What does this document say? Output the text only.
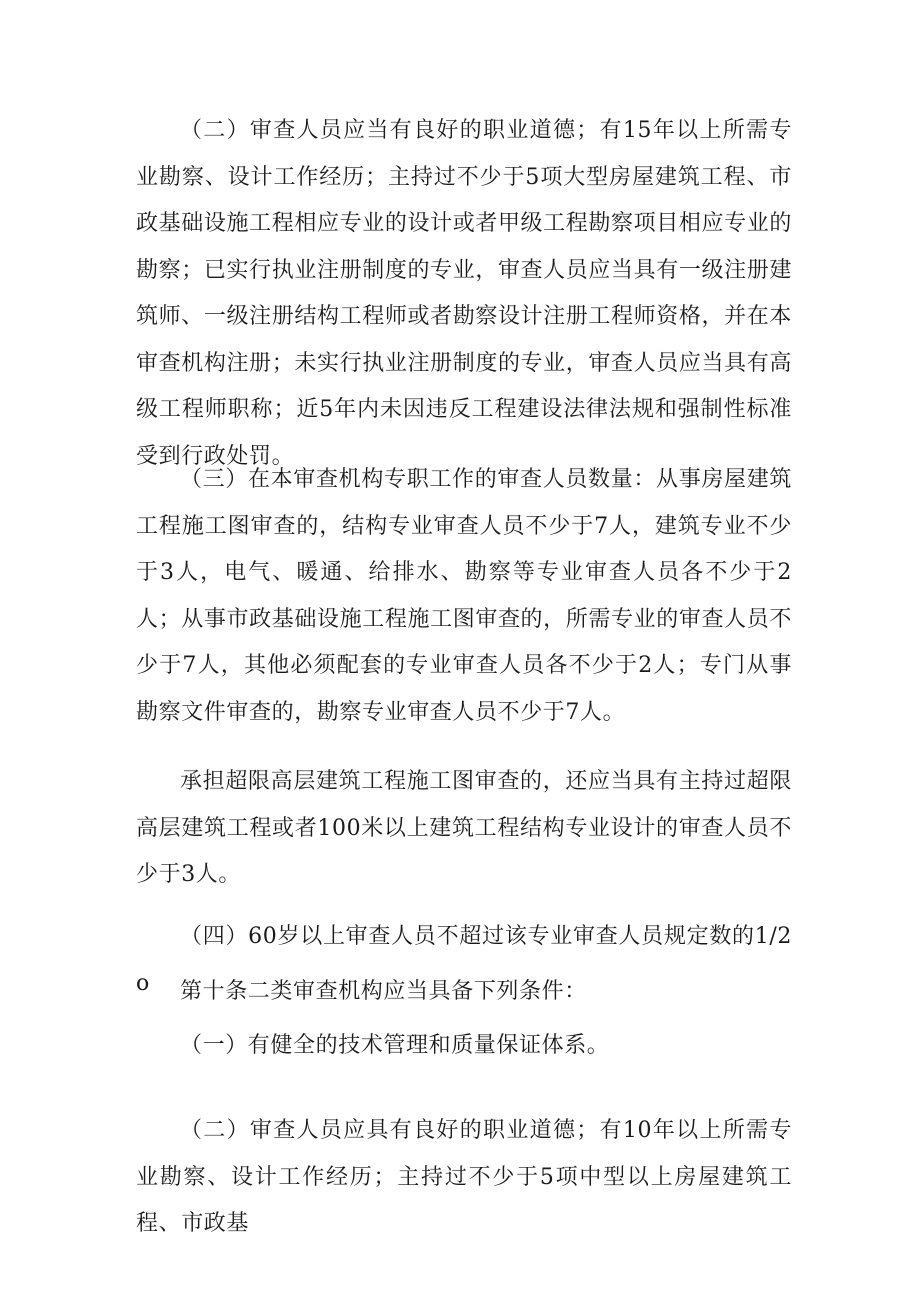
（二）审查人员应当有良好的职业道德；有15年以上所需专业勘察、设计工作经历；主持过不少于5项大型房屋建筑工程、市政基础设施工程相应专业的设计或者甲级工程勘察项目相应专业的勘察；已实行执业注册制度的专业，审查人员应当具有一级注册建筑师、一级注册结构工程师或者勘察设计注册工程师资格，并在本审查机构注册；未实行执业注册制度的专业，审查人员应当具有高级工程师职称；近5年内未因违反工程建设法律法规和强制性标准受到行政处罚。

（三）在本审查机构专职工作的审查人员数量：从事房屋建筑工程施工图审查的，结构专业审查人员不少于7人，建筑专业不少于3人，电气、暖通、给排水、勘察等专业审查人员各不少于2人；从事市政基础设施工程施工图审查的，所需专业的审查人员不少于7人，其他必须配套的专业审查人员各不少于2人；专门从事勘察文件审查的，勘察专业审查人员不少于7人。

承担超限高层建筑工程施工图审查的，还应当具有主持过超限高层建筑工程或者100米以上建筑工程结构专业设计的审查人员不少于3人。

（四）60岁以上审查人员不超过该专业审查人员规定数的1/2o	第十条二类审查机构应当具备下列条件：

（一）有健全的技术管理和质量保证体系。

（二）审查人员应具有良好的职业道德；有10年以上所需专业勘察、设计工作经历；主持过不少于5项中型以上房屋建筑工程、市政基
